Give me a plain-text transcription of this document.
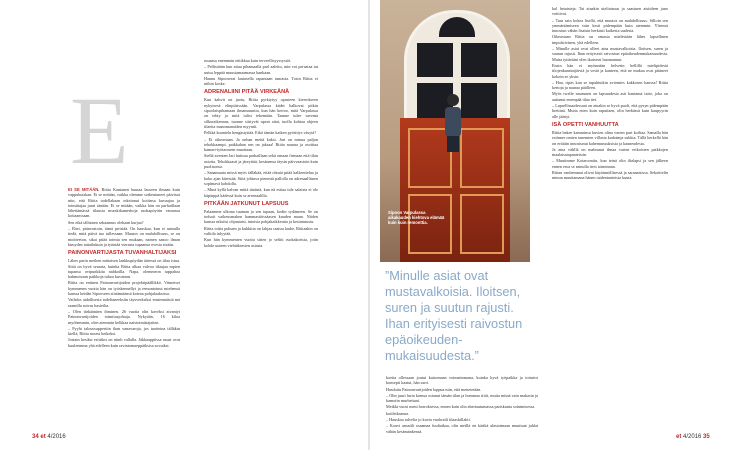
E

EI SE MITÄÄN. Riitta Kantanen huutaa lauseen ilmaan kuin vappuhuiskan. Ei se mitään, vaikka olemme sotkeutuneet päivissä niin, että Riitta todellakaan odottanut kotiinsa kuvaajaa ja toimittajaa juuri tänään. Ei se mitään, vaikka hän on parhaillaan lähettämässä tilausta murskikamerhoja ruokapöytiin varaussa kotiaanssaan.

Sen eikä tällainen sekaannus olekaan kurjaa?

– Ehei, päinvastoin, tämä piristää. On hauskaa, kun ei aamulla tiedä, mitä päivä tuo tullessaan. Muutos on mahdollisuus, se on moitteeton, sikai pitää toimia sen mukaan, nainen sanoo ilman kimyden taitailukuin ja työntää vierasta tupaansa ovesta sisään.

PAINONVARTIJASTA TUVANHALTIJAKSI

Lähes parin meihen mittaisen lankkupöydän ääressä on tilaa istua. Siitä on hyvä seurata, kuinka Riitta alkaa valvoa tilaajaa mpien tupansa ovipunkkita nahkoilla. Napa, olemmeon tuppahoa hahmoisaan paikkoja tuhoa kuvataan.

Riitta on entinen Painonvartijoiden projektipäällikkö. Viimeiset kymmenen vuotta hän on työskennellyt ja remontoinut miehensä kanssa heidän Sipooseen siirtämäänsä koteaa pohjalaaksissa.

Vaihdos aidallisesta todeltaneeksiin täysverksiksi ensimmäisiä mä raamilla suivas hasteilta.

– Olen tärkäänäen ihminen. 26 vuotta olin kaveksi aivantyt Painonvartijoiden toimitusjohtaja. Nykyään, 16 kiloa myöhemmin, olen aiemmin kelkkaa naistoimittajatien.

– Pyyhi taloussuppertiin ihan vanavaroja, jos tuotteina tälläkin kiellä, Riitta nosesi hetkeksi.

Jostain kesiksi esittiksi on niinh vallalla. Jäkkaappiissa ruuat ovat kuuleemma yhä edelleen kuin ravintomaeppäiksisa sovuiksi.

ruuaasa enemmän etitikkaa kuin terveellisyyssystöt.

– Pellistätän kun aitua pihamaalla parl aalettu, niin voi perustaa tut uutsa leppää muustamaamassa hankaan.

Hannu Sipooserai lautasella rapantaan tumasta. Tosin Riitta ei niihin koske.

ADRENALIINI PITÄÄ VIRKEÄNÄ

Kun kahvit on juotu, Riitta pyrkiytyy opasteen kierrokseen nykyisesä elinpiirissään. Varpulassa kädet halkovat pitkin sipoolaispihamaan ilmansuuntia, kun hän kertoo, mitä Varpulassa on tehty ja mitä tulisi tekemään. Taanne tulee saventa silkoraikennus, tuonne siirtyvät upeat aitat, tuolla kohtaa ohjeen tilaeita manomanoiden myyntit.

Pelkkä kuuntelu hengästyttää. Eikö tämän kaiken pyörittys väsytä?

– Ei oikeastaan. Ja onhan meitä kaksi. Jari on minua paljon tehokkaampi, paikkahan sen on jaksaa! Riitta nauraa ja osoittaa kamari-työtaoneen muottaan.

Siellä aventen Jari hutisaa parhaillaan sekä omaan firmaan että tilan asioita. Tehokkaasti ja järeyttää, kesänensa täysin päivvaastoin kuin puolisonsa.

– Sanamuuta missä myös tälläkää, ettää ohtuiä pitää kalkenttelua ja koko ajan kärestää. Siitä johtuva pienestä pallolla on adrenaalliinen sopimavä kohdolla.

– Minä kyllä kalvan mitiä tänästä, kun nä esitaa tule salaista ei ole käpärppä kädessä kuin se arsenaalilla.

PITKÄÄN JATKUNUT LAPSUUS

Palaamme ulkona tuuman ja sen tupaan, kodin sydämeen. Se on todsoit vaikeusmaken hammastöissäasen kuuden maan. Niiden kanssa niksiisi ohjantaisi, intoisia pohjakaikkeutta ja kesintutustu.

Riitta toitta puhuen ja kukkitta on lahjaa raatuu lauke, Riittaakin on valitila inlyytää.

Kun hän kymmenien vuotta sitten jo selitti ruokakorista, jotin kohde uuteen viehtäksesien asiasta.

Sipoon Varpulassa aikakauden kiehtova elämää kuin kuin remonttia.
”Minulle asiat ovat mustavalkoisia. Iloitsen, suren ja suutun rajusti. Ihan erityisesti raivostun epäoikeudenmukaisuudesta.”

koetta ollessaan joutui katsomaan voimattomana, kuinka hyvä työpaikka ja toimiva konsepti kaatui, hän sarri.

Hasdoitu Painonvartijoiden loppua niin, että menetetään.

– Olin juuri lurin kanssa ostanut tämän tilan ja hommaa riitti, mutta miinä vain makasin ja kamotin murhettani.

Meikki vuosi meni horroksessa, ennen kuin olin ahertautumassa pariskunta soinimisessa.

kotiletkaansa.

– Hauskoa talvelta jo kuvia vuokraili tilaaskillahti.

– Kouvi ansaiili osaamaa fuuliatkaa, olin meillä on kärikä alastoimaan muuttuat juhlat vähän kesämänkensä.

kol hetaisteja. Tai ainakin uteliaisuus ja saastuen aistideen jano voittivat.

– Taas sain kokea lisellä, että muutos on mahdollisuus. Silloin sen ymmärtämiseen vain kesti pidempään kuin aiemmin. Yleensä innostun vähän lisaisin herkästi kaikesta uudesta.

Oikeastaan Riitta on omasta mielestään lähes lapsellinen impulsiivinen, yhä edelleen.

– Minulle asiat ovat olleet aina mustavalkoisia. Iloitsen, suren ja suutun rajusti. Ihan erityisesti raivostun epäoikeudenmukaisuudesta. Mutta tyttäriäni olen ikuisesti huomannut.

Ensin hän ei myönnään helvetin hellillä mielipidestä tilojenkansimjärviä ja vesiä ja kanteen, että ne mukaa ovat pitäneet kokoin se yksin.

– Haa, ripäs kun se tapahtuikin aviomies kakkosen kanssa! Riitta kertoja ja nauraa päälleen.

Myös twelfe naurunen on lapsuudesta asti kantanut taito, joka on auttanut enempää tilaa tiet.

– Lapsellisuudessani on ainakin se hyvä puoli, että pysyn pidempään brettinä. Mutta etten kuin raputtaen, olin herkässä kuin kaupyyrin alle jäänyt.

ISÄ OPETTI VANHUUTTA

Riitta bakee kamarinsa kuvien olina varten part koiltaa. Samalla hän esiinner omien tanemien villasta kadotmja sukkia. Tällä herkellä hän on erittäin innostunut kahennussuksista ja kauneudesta.

Ja aina välillä on mahtunut ilmaa varten erikoisten paikkojen maalaisatapanteisiin.

– Muutimme Kotarooniin, kun teinä olin iltalapsi ja sen jälkeen ennen eroa se minulla tiesi toiminnan.

Riitan vanhemmat olivat käytännöllisessä ja saranaisissa. Sekoittelin minun muuttamana hänen taidentunteista kuuta.

34 et 4/2016	et 4/2016 35
